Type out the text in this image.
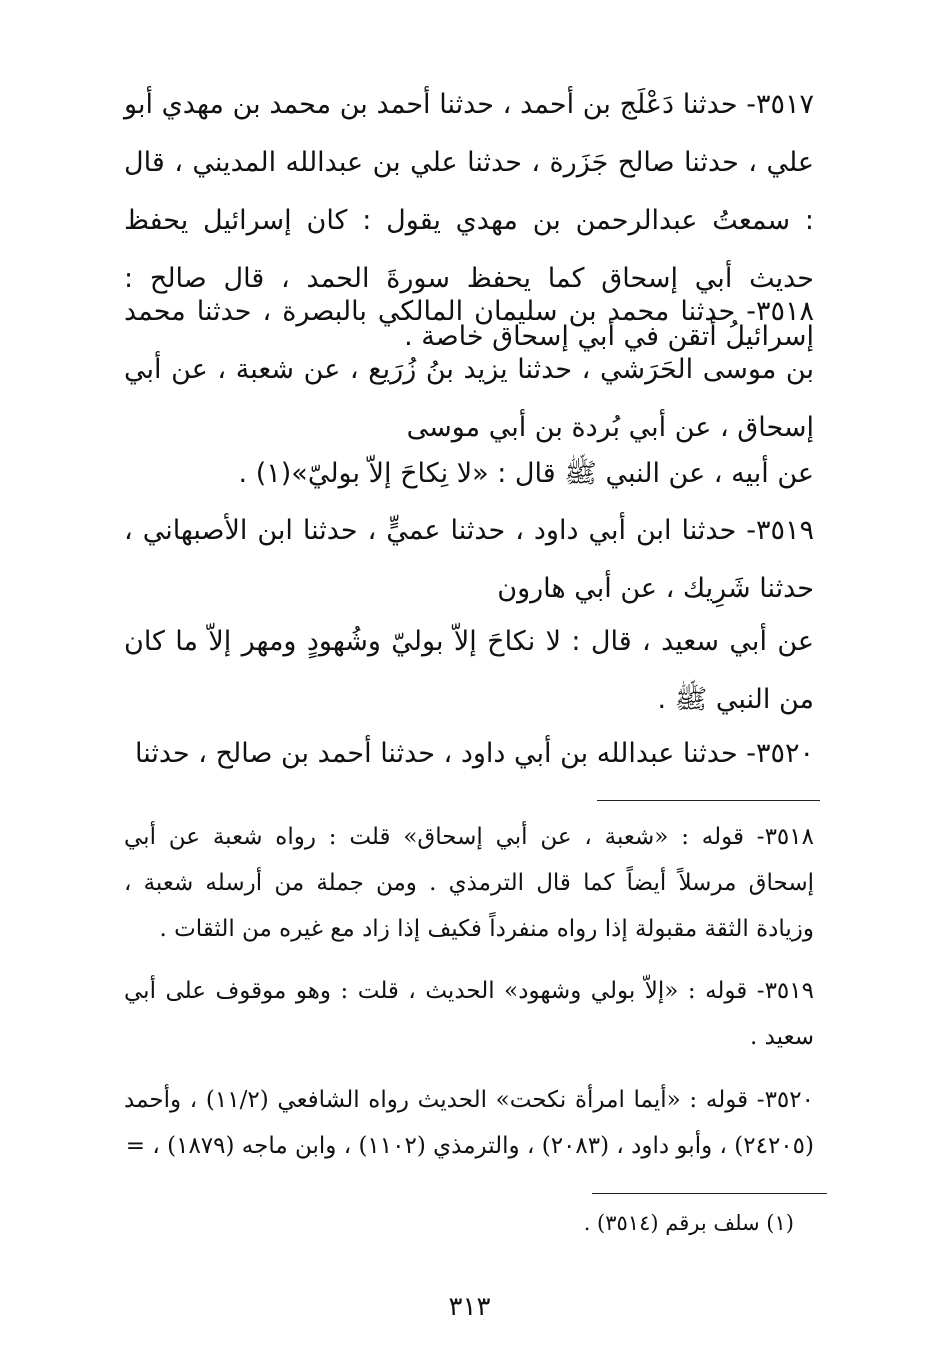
٣٥١٧- حدثنا دَعْلَج بن أحمد ، حدثنا أحمد بن محمد بن مهدي أبو علي ، حدثنا صالح جَزَرة ، حدثنا علي بن عبدالله المديني ، قال : سمعتُ عبدالرحمن بن مهدي يقول : كان إسرائيل يحفظ حديث أبي إسحاق كما يحفظ سورةَ الحمد ، قال صالح : إسرائيلُ أتقن في أبي إسحاق خاصة .
٣٥١٨- حدثنا محمد بن سليمان المالكي بالبصرة ، حدثنا محمد بن موسى الحَرَشي ، حدثنا يزيد بنُ زُرَيع ، عن شعبة ، عن أبي إسحاق ، عن أبي بُردة بن أبي موسى
عن أبيه ، عن النبي ﷺ قال : «لا نِكاحَ إلاّ بوليّ»(١) .
٣٥١٩- حدثنا ابن أبي داود ، حدثنا عميٍّ ، حدثنا ابن الأصبهاني ، حدثنا شَرِيك ، عن أبي هارون
عن أبي سعيد ، قال : لا نكاحَ إلاّ بوليّ وشُهودٍ ومهر إلاّ ما كان من النبي ﷺ .
٣٥٢٠- حدثنا عبدالله بن أبي داود ، حدثنا أحمد بن صالح ، حدثنا
٣٥١٨- قوله : «شعبة ، عن أبي إسحاق» قلت : رواه شعبة عن أبي إسحاق مرسلاً أيضاً كما قال الترمذي . ومن جملة من أرسله شعبة ، وزيادة الثقة مقبولة إذا رواه منفرداً فكيف إذا زاد مع غيره من الثقات .
٣٥١٩- قوله : «إلاّ بولي وشهود» الحديث ، قلت : وهو موقوف على أبي سعيد .
٣٥٢٠- قوله : «أيما امرأة نكحت» الحديث رواه الشافعي (١١/٢) ، وأحمد (٢٤٢٠٥) ، وأبو داود ، (٢٠٨٣) ، والترمذي (١١٠٢) ، وابن ماجه (١٨٧٩) ، =
(١) سلف برقم (٣٥١٤) .
٣١٣
